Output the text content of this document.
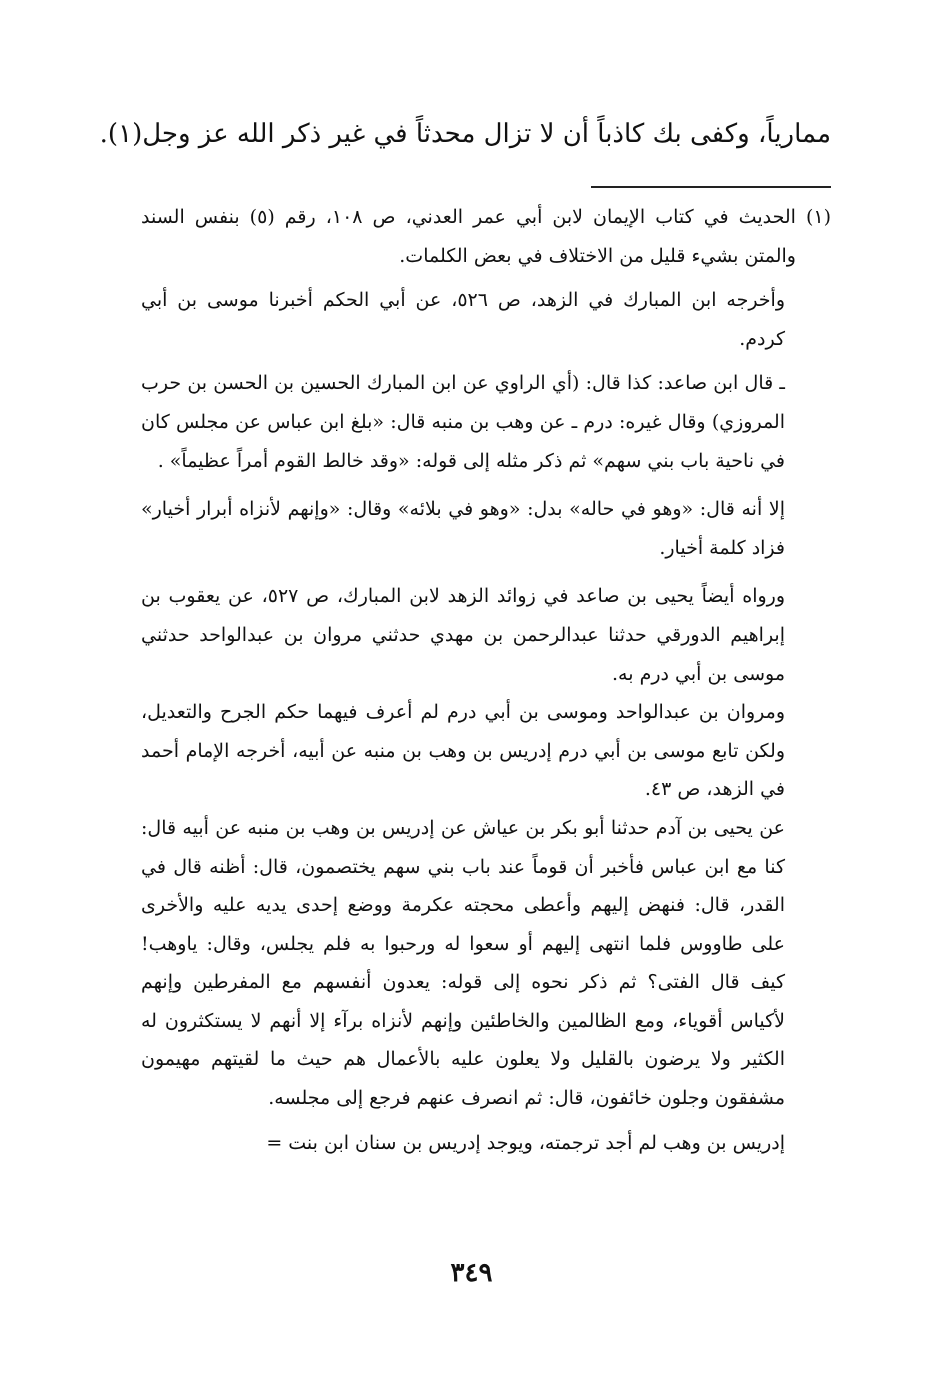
ممارياً، وكفى بك كاذباً أن لا تزال محدثاً في غير ذكر الله عز وجل(١).
(١)
الحديث في كتاب الإيمان لابن أبي عمر العدني، ص ١٠٨، رقم (٥) بنفس السند والمتن بشيء قليل من الاختلاف في بعض الكلمات.

وأخرجه ابن المبارك في الزهد، ص ٥٢٦، عن أبي الحكم أخبرنا موسى بن أبي كردم.

ـ قال ابن صاعد: كذا قال: (أي الراوي عن ابن المبارك الحسين بن الحسن بن حرب المروزي) وقال غيره: درم ـ عن وهب بن منبه قال: «بلغ ابن عباس عن مجلس كان في ناحية باب بني سهم» ثم ذكر مثله إلى قوله: «وقد خالط القوم أمراً عظيماً» .

إلا أنه قال: «وهو في حاله» بدل: «وهو في بلائه» وقال: «وإنهم لأنزاه أبرار أخيار» فزاد كلمة أخيار.

ورواه أيضاً يحيى بن صاعد في زوائد الزهد لابن المبارك، ص ٥٢٧، عن يعقوب بن إبراهيم الدورقي حدثنا عبدالرحمن بن مهدي حدثني مروان بن عبدالواحد حدثني موسى بن أبي درم به.

ومروان بن عبدالواحد وموسى بن أبي درم لم أعرف فيهما حكم الجرح والتعديل، ولكن تابع موسى بن أبي درم إدريس بن وهب بن منبه عن أبيه، أخرجه الإمام أحمد في الزهد، ص ٤٣.

عن يحيى بن آدم حدثنا أبو بكر بن عياش عن إدريس بن وهب بن منبه عن أبيه قال: كنا مع ابن عباس فأخبر أن قوماً عند باب بني سهم يختصمون، قال: أظنه قال في القدر، قال: فنهض إليهم وأعطى محجته عكرمة ووضع إحدى يديه عليه والأخرى على طاووس فلما انتهى إليهم أو سعوا له ورحبوا به فلم يجلس، وقال: ياوهب! كيف قال الفتى؟ ثم ذكر نحوه إلى قوله: يعدون أنفسهم مع المفرطين وإنهم لأكياس أقوياء، ومع الظالمين والخاطئين وإنهم لأنزاه برآء إلا أنهم لا يستكثرون له الكثير ولا يرضون بالقليل ولا يعلون عليه بالأعمال هم حيث ما لقيتهم مهيمون مشفقون وجلون خائفون، قال: ثم انصرف عنهم فرجع إلى مجلسه.

إدريس بن وهب لم أجد ترجمته، ويوجد إدريس بن سنان ابن بنت =

٣٤٩
